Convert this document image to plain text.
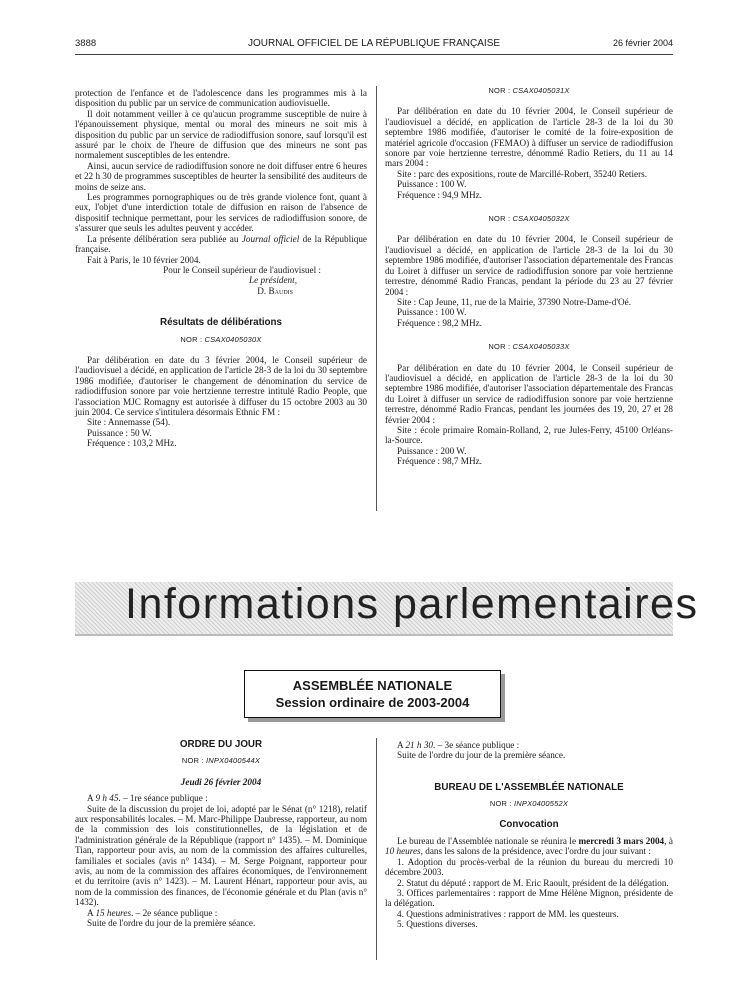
3888	JOURNAL OFFICIEL DE LA RÉPUBLIQUE FRANÇAISE	26 février 2004

protection de l'enfance et de l'adolescence dans les programmes mis à la disposition du public par un service de communication audiovisuelle.

Il doit notamment veiller à ce qu'aucun programme susceptible de nuire à l'épanouissement physique, mental ou moral des mineurs ne soit mis à disposition du public par un service de radiodiffusion sonore, sauf lorsqu'il est assuré par le choix de l'heure de diffusion que des mineurs ne sont pas normalement susceptibles de les entendre.

Ainsi, aucun service de radiodiffusion sonore ne doit diffuser entre 6 heures et 22 h 30 de programmes susceptibles de heurter la sensibilité des auditeurs de moins de seize ans.

Les programmes pornographiques ou de très grande violence font, quant à eux, l'objet d'une interdiction totale de diffusion en raison de l'absence de dispositif technique permettant, pour les services de radiodiffusion sonore, de s'assurer que seuls les adultes peuvent y accéder.

La présente délibération sera publiée au Journal officiel de la République française.

Fait à Paris, le 10 février 2004.

Pour le Conseil supérieur de l'audiovisuel :

Le président,

D. Baudis

Résultats de délibérations

NOR : CSAX0405030X

Par délibération en date du 3 février 2004, le Conseil supérieur de l'audiovisuel a décidé, en application de l'article 28-3 de la loi du 30 septembre 1986 modifiée, d'autoriser le changement de dénomination du service de radiodiffusion sonore par voie hertzienne terrestre intitulé Radio People, que l'association MJC Romagny est autorisée à diffuser du 15 octobre 2003 au 30 juin 2004. Ce service s'intitulera désormais Ethnic FM :

Site : Annemasse (54).

Puissance : 50 W.

Fréquence : 103,2 MHz.

NOR : CSAX0405031X

Par délibération en date du 10 février 2004, le Conseil supérieur de l'audiovisuel a décidé, en application de l'article 28-3 de la loi du 30 septembre 1986 modifiée, d'autoriser le comité de la foire-exposition de matériel agricole d'occasion (FEMAO) à diffuser un service de radiodiffusion sonore par voie hertzienne terrestre, dénommé Radio Retiers, du 11 au 14 mars 2004 :

Site : parc des expositions, route de Marcillé-Robert, 35240 Retiers.

Puissance : 100 W.

Fréquence : 94,9 MHz.

NOR : CSAX0405032X

Par délibération en date du 10 février 2004, le Conseil supérieur de l'audiovisuel a décidé, en application de l'article 28-3 de la loi du 30 septembre 1986 modifiée, d'autoriser l'association départementale des Francas du Loiret à diffuser un service de radiodiffusion sonore par voie hertzienne terrestre, dénommé Radio Francas, pendant la période du 23 au 27 février 2004 :

Site : Cap Jeune, 11, rue de la Mairie, 37390 Notre-Dame-d'Oé.

Puissance : 100 W.

Fréquence : 98,2 MHz.

NOR : CSAX0405033X

Par délibération en date du 10 février 2004, le Conseil supérieur de l'audiovisuel a décidé, en application de l'article 28-3 de la loi du 30 septembre 1986 modifiée, d'autoriser l'association départementale des Francas du Loiret à diffuser un service de radiodiffusion sonore par voie hertzienne terrestre, dénommé Radio Francas, pendant les journées des 19, 20, 27 et 28 février 2004 :

Site : école primaire Romain-Rolland, 2, rue Jules-Ferry, 45100 Orléans-la-Source.

Puissance : 200 W.

Fréquence : 98,7 MHz.

Informations parlementaires
ASSEMBLÉE NATIONALE
Session ordinaire de 2003-2004

ORDRE DU JOUR

NOR : INPX0400544X

Jeudi 26 février 2004

A 9 h 45. – 1re séance publique :

Suite de la discussion du projet de loi, adopté par le Sénat (n° 1218), relatif aux responsabilités locales. – M. Marc-Philippe Daubresse, rapporteur, au nom de la commission des lois constitutionnelles, de la législation et de l'administration générale de la République (rapport n° 1435). – M. Dominique Tian, rapporteur pour avis, au nom de la commission des affaires culturelles, familiales et sociales (avis n° 1434). – M. Serge Poignant, rapporteur pour avis, au nom de la commission des affaires économiques, de l'environnement et du territoire (avis n° 1423). – M. Laurent Hénart, rapporteur pour avis, au nom de la commission des finances, de l'économie générale et du Plan (avis n° 1432).

A 15 heures. – 2e séance publique :

Suite de l'ordre du jour de la première séance.

A 21 h 30. – 3e séance publique :

Suite de l'ordre du jour de la première séance.

BUREAU DE L'ASSEMBLÉE NATIONALE

NOR : INPX0400552X

Convocation

Le bureau de l'Assemblée nationale se réunira le mercredi 3 mars 2004, à 10 heures, dans les salons de la présidence, avec l'ordre du jour suivant :

1. Adoption du procès-verbal de la réunion du bureau du mercredi 10 décembre 2003.

2. Statut du député : rapport de M. Eric Raoult, président de la délégation.

3. Offices parlementaires : rapport de Mme Hélène Mignon, présidente de la délégation.

4. Questions administratives : rapport de MM. les questeurs.

5. Questions diverses.
